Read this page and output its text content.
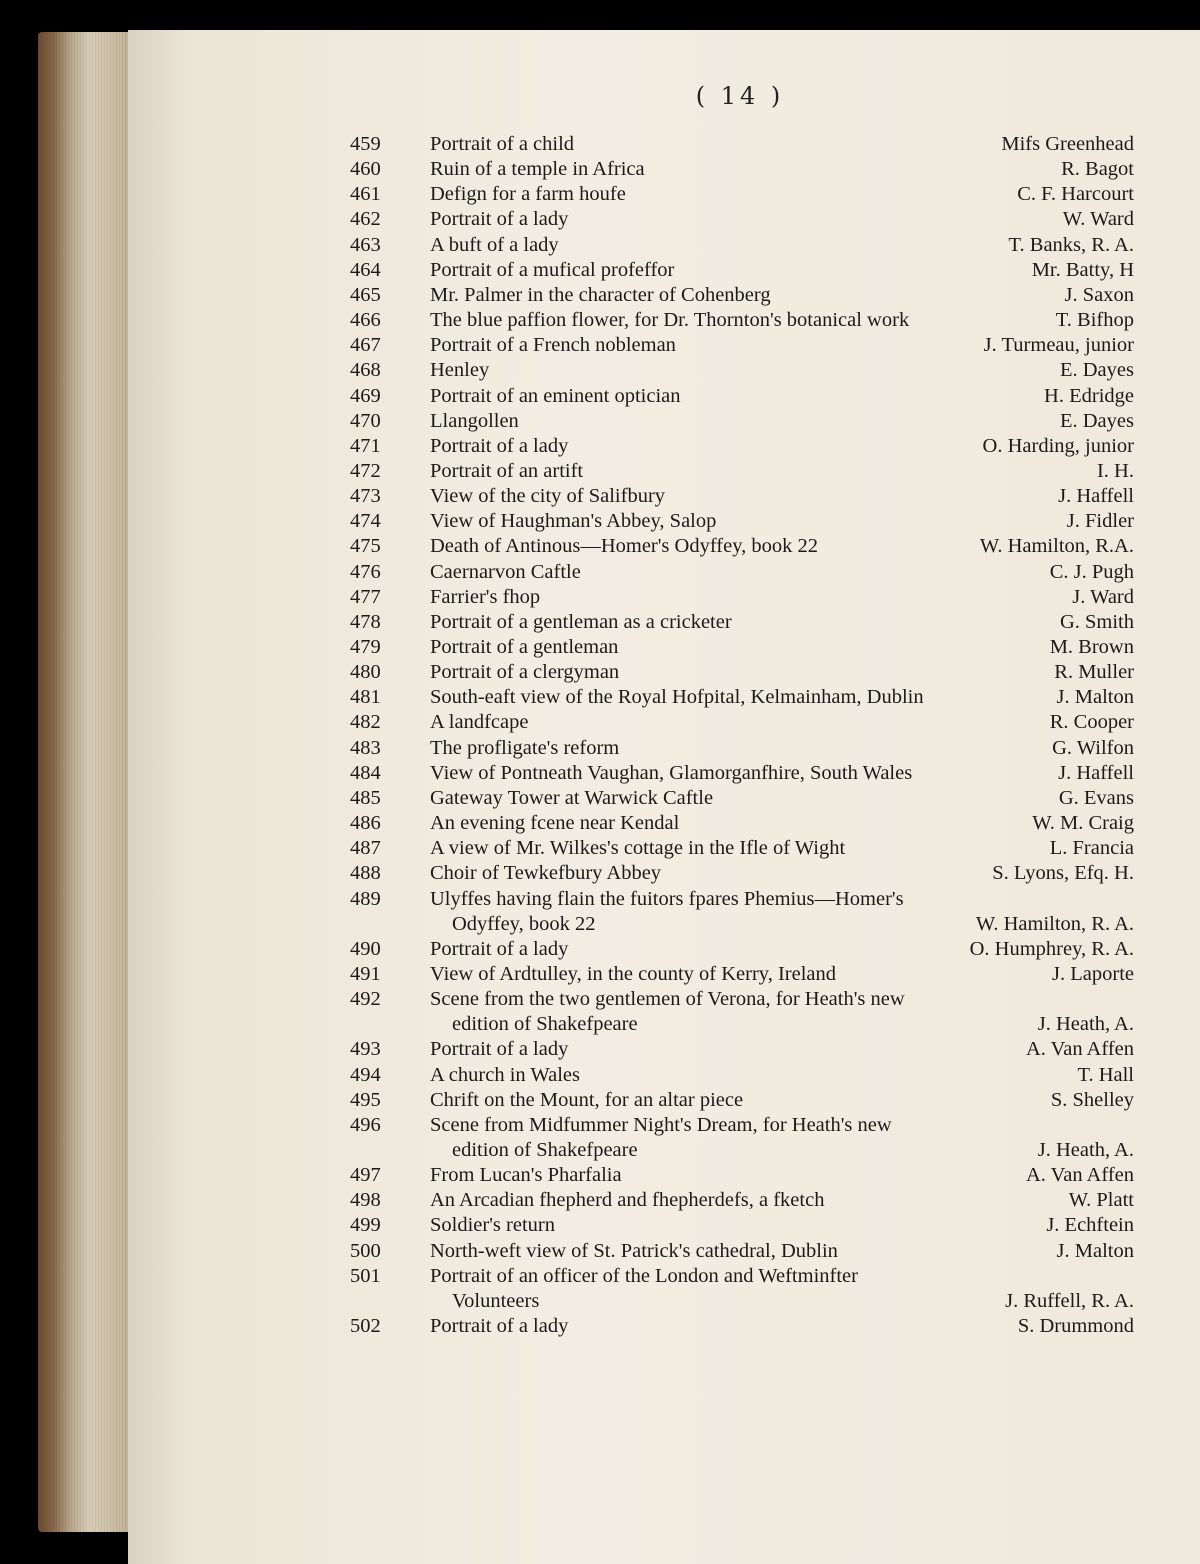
( 14 )
459	Portrait of a child	Mifs Greenhead
460	Ruin of a temple in Africa	R. Bagot
461	Defign for a farm houfe	C. F. Harcourt
462	Portrait of a lady	W. Ward
463	A buft of a lady	T. Banks, R. A.
464	Portrait of a mufical profeffor	Mr. Batty, H
465	Mr. Palmer in the character of Cohenberg	J. Saxon
466	The blue paffion flower, for Dr. Thornton's botanical work	T. Bifhop
467	Portrait of a French nobleman	J. Turmeau, junior
468	Henley	E. Dayes
469	Portrait of an eminent optician	H. Edridge
470	Llangollen	E. Dayes
471	Portrait of a lady	O. Harding, junior
472	Portrait of an artift	I. H.
473	View of the city of Salifbury	J. Haffell
474	View of Haughman's Abbey, Salop	J. Fidler
475	Death of Antinous—Homer's Odyffey, book 22	W. Hamilton, R.A.
476	Caernarvon Caftle	C. J. Pugh
477	Farrier's fhop	J. Ward
478	Portrait of a gentleman as a cricketer	G. Smith
479	Portrait of a gentleman	M. Brown
480	Portrait of a clergyman	R. Muller
481	South-eaft view of the Royal Hofpital, Kelmainham, Dublin	J. Malton
482	A landfcape	R. Cooper
483	The profligate's reform	G. Wilfon
484	View of Pontneath Vaughan, Glamorganfhire, South Wales	J. Haffell
485	Gateway Tower at Warwick Caftle	G. Evans
486	An evening fcene near Kendal	W. M. Craig
487	A view of Mr. Wilkes's cottage in the Ifle of Wight	L. Francia
488	Choir of Tewkefbury Abbey	S. Lyons, Efq. H.
489	Ulyffes having flain the fuitors fpares Phemius—Homer's
Odyffey, book 22	W. Hamilton, R. A.
490	Portrait of a lady	O. Humphrey, R. A.
491	View of Ardtulley, in the county of Kerry, Ireland	J. Laporte
492	Scene from the two gentlemen of Verona, for Heath's new
edition of Shakefpeare	J. Heath, A.
493	Portrait of a lady	A. Van Affen
494	A church in Wales	T. Hall
495	Chrift on the Mount, for an altar piece	S. Shelley
496	Scene from Midfummer Night's Dream, for Heath's new
edition of Shakefpeare	J. Heath, A.
497	From Lucan's Pharfalia	A. Van Affen
498	An Arcadian fhepherd and fhepherdefs, a fketch	W. Platt
499	Soldier's return	J. Echftein
500	North-weft view of St. Patrick's cathedral, Dublin	J. Malton
501	Portrait of an officer of the London and Weftminfter
Volunteers	J. Ruffell, R. A.
502	Portrait of a lady	S. Drummond
